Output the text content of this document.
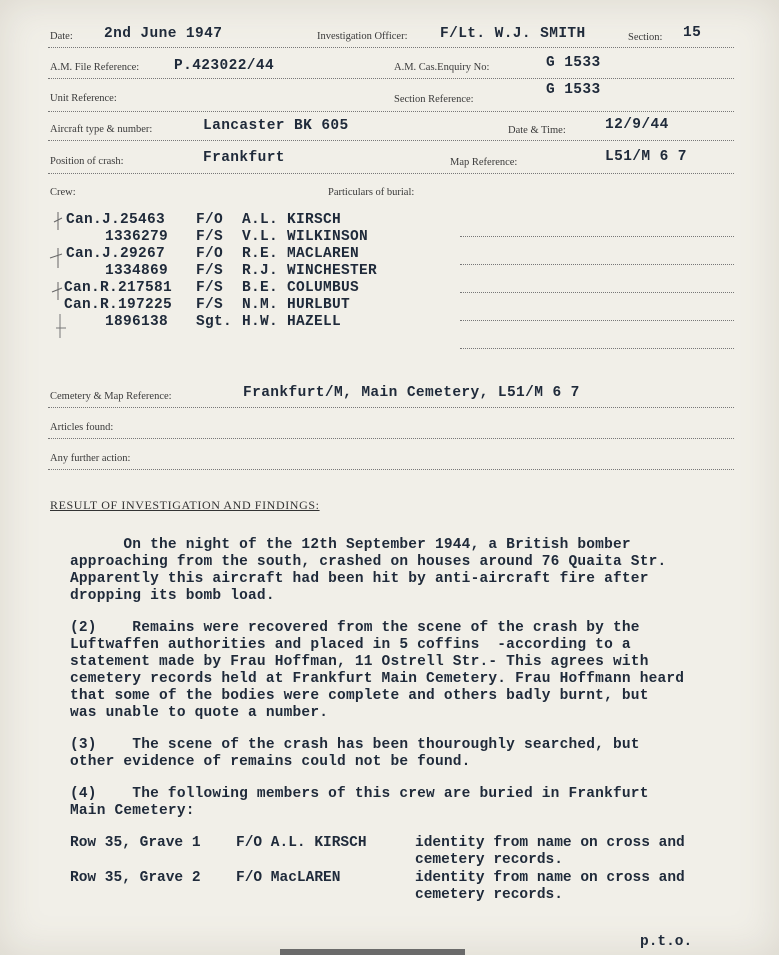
Date: 2nd June 1947	Investigation Officer: F/Lt. W.J. SMITH	Section: 15
A.M. File Reference: P.423022/44	A.M. Cas.Enquiry No:	G 1533
Unit Reference:	Section Reference:
G 1533
Aircraft type & number:	Lancaster BK 605	Date & Time:	12/9/44
Position of crash:	Frankfurt	Map Reference:	L51/M 6 7
Crew:	Particulars of burial:
Can.J.25463 F/O A.L. KIRSCH
1336279 F/S V.L. WILKINSON
Can.J.29267 F/O R.E. MACLAREN
1334869 F/S R.J. WINCHESTER
Can.R.217581 F/S B.E. COLUMBUS
Can.R.197225 F/S N.M. HURLBUT
1896138 Sgt. H.W. HAZELL
Cemetery & Map Reference:	Frankfurt/M, Main Cemetery, L51/M 6 7
Articles found:
Any further action:
RESULT OF INVESTIGATION AND FINDINGS:

On the night of the 12th September 1944, a British bomber

approaching from the south, crashed on houses around 76 Quaita Str.

Apparently this aircraft had been hit by anti-aircraft fire after

dropping its bomb load.

(2)    Remains were recovered from the scene of the crash by the

Luftwaffen authorities and placed in 5 coffins  -according to a

statement made by Frau Hoffman, 11 Ostrell Str.- This agrees with

cemetery records held at Frankfurt Main Cemetery. Frau Hoffmann heard

that some of the bodies were complete and others badly burnt, but

was unable to quote a number.

(3)    The scene of the crash has been thouroughly searched, but

other evidence of remains could not be found.

(4)    The following members of this crew are buried in Frankfurt

Main Cemetery:

Row 35, Grave 1 F/O A.L. KIRSCH	identity from name on cross and
cemetery records.
Row 35, Grave 2 F/O MacLAREN	identity from name on cross and
cemetery records.
p.t.o.
